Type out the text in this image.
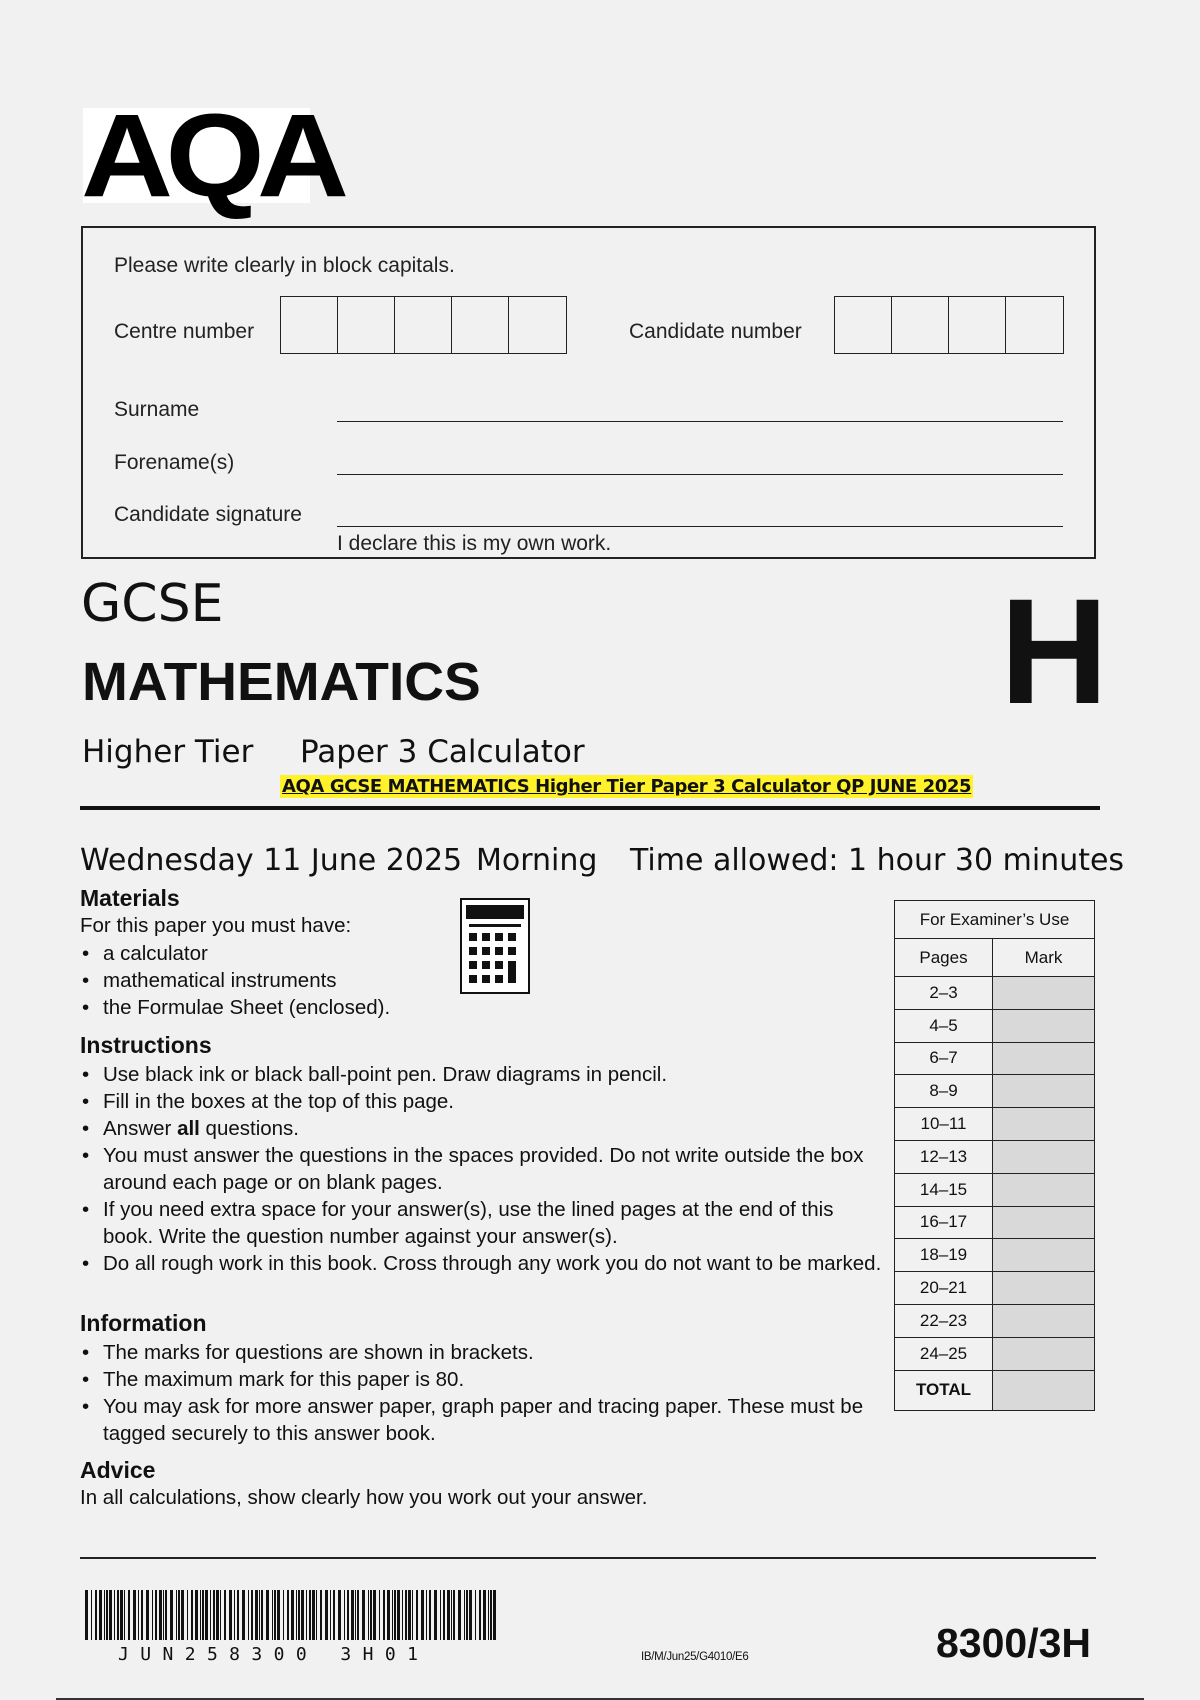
AQA
Please write clearly in block capitals.
Centre number	Candidate number
Surname
Forename(s)
Candidate signature
I declare this is my own work.
GCSE
MATHEMATICS	H
Higher Tier Paper 3 Calculator
AQA GCSE MATHEMATICS Higher Tier Paper 3 Calculator QP JUNE 2025
Wednesday 11 June 2025 Morning Time allowed: 1 hour 30 minutes
Materials
For this paper you must have:
• a calculator
• mathematical instruments
• the Formulae Sheet (enclosed).
Instructions
• Use black ink or black ball-point pen. Draw diagrams in pencil.
• Fill in the boxes at the top of this page.
• Answer all questions.
• You must answer the questions in the spaces provided. Do not write outside the box around each page or on blank pages.
• If you need extra space for your answer(s), use the lined pages at the end of this book. Write the question number against your answer(s).
• Do all rough work in this book. Cross through any work you do not want to be marked.
Information
• The marks for questions are shown in brackets.
• The maximum mark for this paper is 80.
• You may ask for more answer paper, graph paper and tracing paper. These must be tagged securely to this answer book.
Advice
In all calculations, show clearly how you work out your answer.
For Examiner’s Use	
Pages	Mark
2–3	
4–5	
6–7	
8–9	
10–11	
12–13	
14–15	
16–17	
18–19	
20–21	
22–23	
24–25	
TOTAL	
JUN258300 3H01	IB/M/Jun25/G4010/E6	8300/3H
